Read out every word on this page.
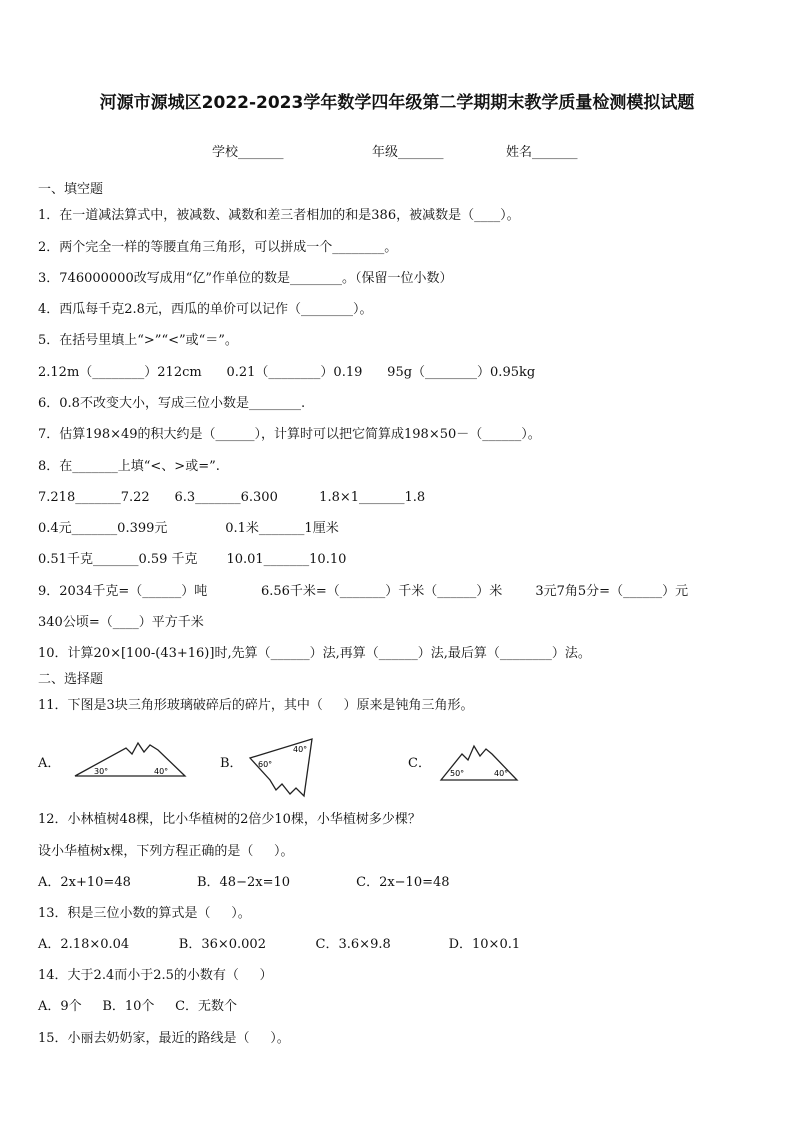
河源市源城区2022-2023学年数学四年级第二学期期末教学质量检测模拟试题
学校_______	年级_______	姓名_______
一、填空题
1．在一道减法算式中，被减数、减数和差三者相加的和是386，被减数是（____）。
2．两个完全一样的等腰直角三角形，可以拼成一个________。
3．746000000改写成用“亿”作单位的数是________。（保留一位小数）
4．西瓜每千克2.8元，西瓜的单价可以记作（________）。
5．在括号里填上“>”“<”或“＝”。
2.12m（________）212cm      0.21（________）0.19      95g（________）0.95kg
6．0.8不改变大小，写成三位小数是________.
7．估算198×49的积大约是（______），计算时可以把它简算成198×50－（______）。
8．在_______上填“<、>或=”.
7.218_______7.22      6.3_______6.300          1.8×1_______1.8
0.4元_______0.399元              0.1米_______1厘米
0.51千克_______0.59 千克       10.01_______10.10
9．2034千克=（______）吨             6.56千米=（_______）千米（______）米        3元7角5分=（______）元
340公顷=（____）平方千米
10．计算20×[100-(43+16)]时,先算（______）法,再算（______）法,最后算（________）法。
二、选择题
11．下图是3块三角形玻璃破碎后的碎片，其中（     ）原来是钝角三角形。
A．
30°	40°
B． 60°
40°
C．
50°	40°
12．小林植树48棵，比小华植树的2倍少10棵，小华植树多少棵？
设小华植树x棵，下列方程正确的是（     ）。
A．2x+10=48                B．48−2x=10                C．2x−10=48
13．积是三位小数的算式是（     ）。
A．2.18×0.04            B．36×0.002            C．3.6×9.8              D．10×0.1
14．大于2.4而小于2.5的小数有（     ）
A．9个     B．10个     C．无数个
15．小丽去奶奶家，最近的路线是（     ）。
